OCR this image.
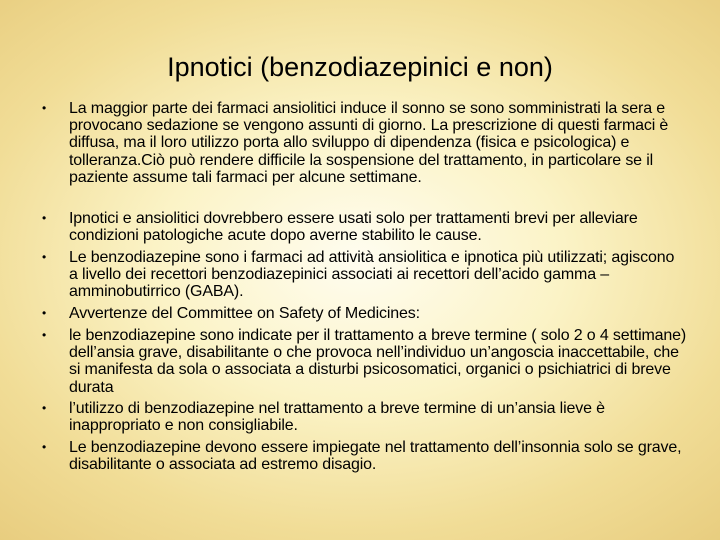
Ipnotici (benzodiazepinici e non)
• La maggior parte dei farmaci ansiolitici induce il sonno se sono somministrati la sera e provocano sedazione se vengono assunti di giorno. La prescrizione di questi farmaci è diffusa, ma il loro utilizzo porta allo sviluppo di dipendenza (fisica e psicologica) e tolleranza.Ciò può rendere difficile la sospensione del trattamento, in particolare se il paziente assume tali farmaci per alcune settimane.
• Ipnotici e ansiolitici dovrebbero essere usati solo per trattamenti brevi per alleviare condizioni patologiche acute dopo averne stabilito le cause.
• Le benzodiazepine sono i farmaci ad attività ansiolitica e ipnotica più utilizzati; agiscono a livello dei recettori benzodiazepinici associati ai recettori dell’acido gamma – amminobutirrico (GABA).
• Avvertenze del Committee on Safety of Medicines:
• le benzodiazepine sono indicate per il trattamento a breve termine ( solo 2 o 4 settimane) dell’ansia grave, disabilitante o che provoca nell’individuo un’angoscia inaccettabile, che si manifesta da sola o associata a disturbi psicosomatici, organici o psichiatrici di breve durata
• l’utilizzo di benzodiazepine nel trattamento a breve termine di un’ansia lieve è inappropriato e non consigliabile.
• Le benzodiazepine devono essere impiegate nel trattamento dell’insonnia solo se grave, disabilitante o associata ad estremo disagio.
